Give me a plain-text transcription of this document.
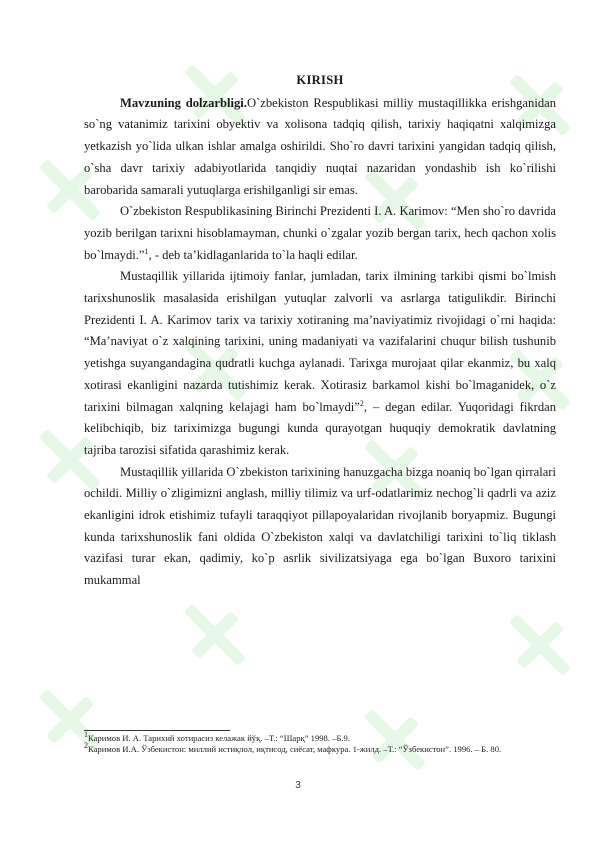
KIRISH

Mavzuning dolzarbligi.O`zbekiston Respublikasi milliy mustaqillikka erishganidan so`ng vatanimiz tarixini obyektiv va xolisona tadqiq qilish, tarixiy haqiqatni xalqimizga yetkazish yo`lida ulkan ishlar amalga oshirildi. Sho`ro davri tarixini yangidan tadqiq qilish, o`sha davr tarixiy adabiyotlarida tanqidiy nuqtai nazaridan yondashib ish ko`rilishi barobarida samarali yutuqlarga erishilganligi sir emas.

O`zbekiston Respublikasining Birinchi Prezidenti I. A. Karimov: “Men sho`ro davrida yozib berilgan tarixni hisoblamayman, chunki o`zgalar yozib bergan tarix, hech qachon xolis bo`lmaydi.”$^1$, - deb ta’kidlaganlarida to`la haqli edilar.

Mustaqillik yillarida ijtimoiy fanlar, jumladan, tarix ilmining tarkibi qismi bo`lmish tarixshunoslik masalasida erishilgan yutuqlar zalvorli va asrlarga tatigulikdir. Birinchi Prezidenti I. A. Karimov tarix va tarixiy xotiraning ma’naviyatimiz rivojidagi o`rni haqida: “Ma’naviyat o`z xalqining tarixini, uning madaniyati va vazifalarini chuqur bilish tushunib yetishga suyangandagina qudratli kuchga aylanadi. Tarixga murojaat qilar ekanmiz, bu xalq xotirasi ekanligini nazarda tutishimiz kerak. Xotirasiz barkamol kishi bo`lmaganidek, o`z tarixini bilmagan xalqning kelajagi ham bo`lmaydi”$^2$, – degan edilar. Yuqoridagi fikrdan kelibchiqib, biz tariximizga bugungi kunda qurayotgan huquqiy demokratik davlatning tajriba tarozisi sifatida qarashimiz kerak.

Mustaqillik yillarida O`zbekiston tarixining hanuzgacha bizga noaniq bo`lgan qirralari ochildi. Milliy o`zligimizni anglash, milliy tilimiz va urf-odatlarimiz nechog`li qadrli va aziz ekanligini idrok etishimiz tufayli taraqqiyot pillapoyalaridan rivojlanib boryapmiz. Bugungi kunda tarixshunoslik fani oldida O`zbekiston xalqi va davlatchiligi tarixini to`liq tiklash vazifasi turar ekan, qadimiy, ko`p asrlik sivilizatsiyaga ega bo`lgan Buxoro tarixini mukammal

$^1$Каримов И. А. Тарихий хотирасиз келажак йўқ. –Т.: “Шарқ” 1998. –Б.9.

$^2$Каримов И.А. Ўзбекистон: миллий истиқлол, иқтисод, сиёсат, мафкура. 1-жилд. –Т.: “Ўзбекистон”. 1996. – Б. 80.

3
